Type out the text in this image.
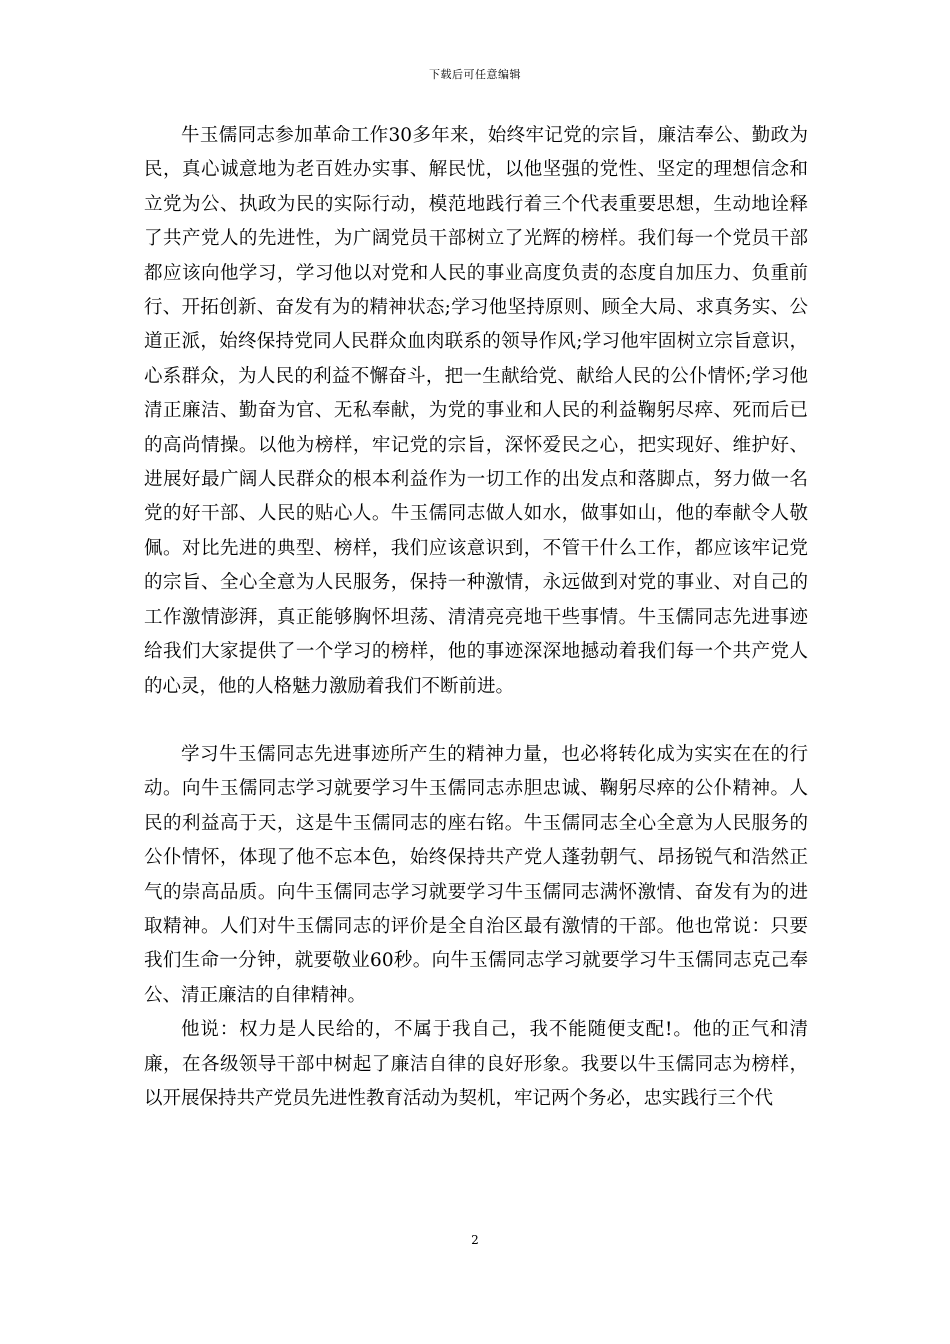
下载后可任意编辑

牛玉儒同志参加革命工作30多年来，始终牢记党的宗旨，廉洁奉公、勤政为民，真心诚意地为老百姓办实事、解民忧，以他坚强的党性、坚定的理想信念和立党为公、执政为民的实际行动，模范地践行着三个代表重要思想，生动地诠释了共产党人的先进性，为广阔党员干部树立了光辉的榜样。我们每一个党员干部都应该向他学习，学习他以对党和人民的事业高度负责的态度自加压力、负重前行、开拓创新、奋发有为的精神状态;学习他坚持原则、顾全大局、求真务实、公道正派，始终保持党同人民群众血肉联系的领导作风;学习他牢固树立宗旨意识，心系群众，为人民的利益不懈奋斗，把一生献给党、献给人民的公仆情怀;学习他清正廉洁、勤奋为官、无私奉献，为党的事业和人民的利益鞠躬尽瘁、死而后已的高尚情操。以他为榜样，牢记党的宗旨，深怀爱民之心，把实现好、维护好、进展好最广阔人民群众的根本利益作为一切工作的出发点和落脚点，努力做一名党的好干部、人民的贴心人。牛玉儒同志做人如水，做事如山，他的奉献令人敬佩。对比先进的典型、榜样，我们应该意识到，不管干什么工作，都应该牢记党的宗旨、全心全意为人民服务，保持一种激情，永远做到对党的事业、对自己的工作激情澎湃，真正能够胸怀坦荡、清清亮亮地干些事情。牛玉儒同志先进事迹给我们大家提供了一个学习的榜样，他的事迹深深地撼动着我们每一个共产党人的心灵，他的人格魅力激励着我们不断前进。

学习牛玉儒同志先进事迹所产生的精神力量，也必将转化成为实实在在的行动。向牛玉儒同志学习就要学习牛玉儒同志赤胆忠诚、鞠躬尽瘁的公仆精神。人民的利益高于天，这是牛玉儒同志的座右铭。牛玉儒同志全心全意为人民服务的公仆情怀，体现了他不忘本色，始终保持共产党人蓬勃朝气、昂扬锐气和浩然正气的崇高品质。向牛玉儒同志学习就要学习牛玉儒同志满怀激情、奋发有为的进取精神。人们对牛玉儒同志的评价是全自治区最有激情的干部。他也常说：只要我们生命一分钟，就要敬业60秒。向牛玉儒同志学习就要学习牛玉儒同志克己奉公、清正廉洁的自律精神。

他说：权力是人民给的，不属于我自己，我不能随便支配!。他的正气和清廉，在各级领导干部中树起了廉洁自律的良好形象。我要以牛玉儒同志为榜样，以开展保持共产党员先进性教育活动为契机，牢记两个务必，忠实践行三个代

2
